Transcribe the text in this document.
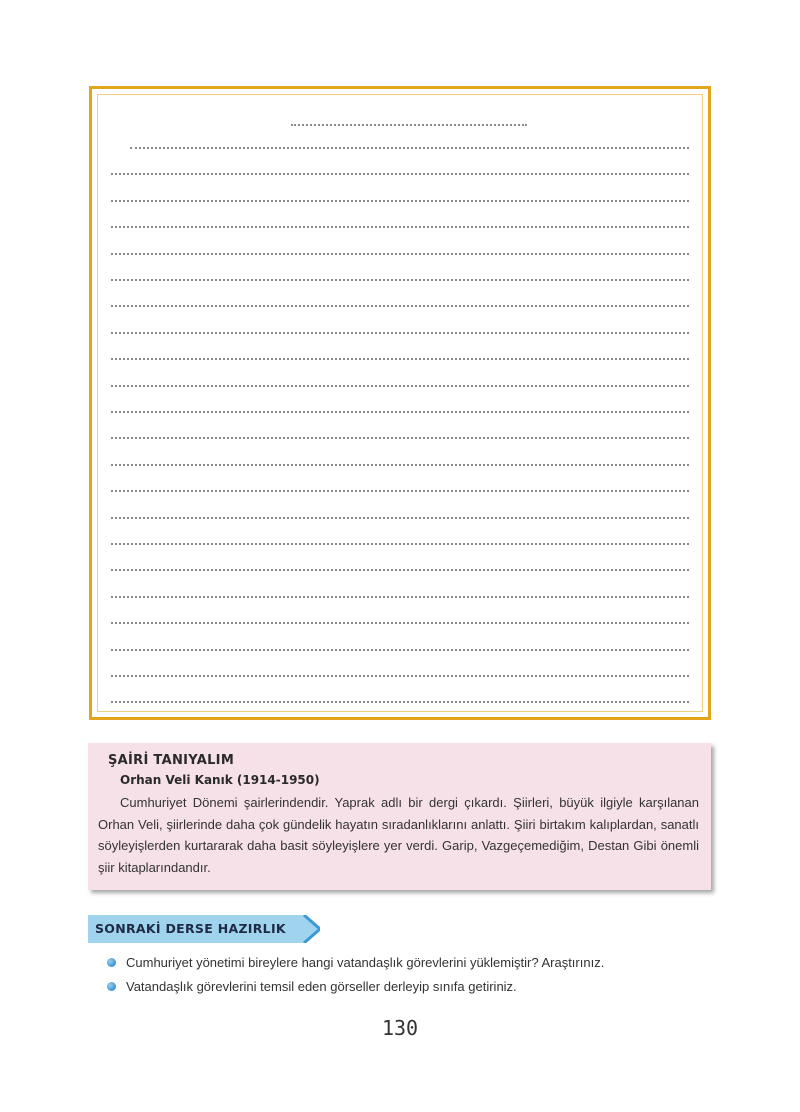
ŞAİRİ TANIYALIM
Orhan Veli Kanık (1914-1950)

Cumhuriyet Dönemi şairlerindendir. Yaprak adlı bir dergi çıkardı. Şiirleri, büyük ilgiyle karşılanan Orhan Veli, şiirlerinde daha çok gündelik hayatın sıradanlıklarını anlattı. Şiiri birtakım kalıplardan, sanatlı söyleyişlerden kurtararak daha basit söyleyişlere yer verdi. Garip, Vazgeçemediğim, Destan Gibi önemli şiir kitaplarındandır.

SONRAKİ DERSE HAZIRLIK
Cumhuriyet yönetimi bireylere hangi vatandaşlık görevlerini yüklemiştir? Araştırınız.
Vatandaşlık görevlerini temsil eden görseller derleyip sınıfa getiriniz.
130
